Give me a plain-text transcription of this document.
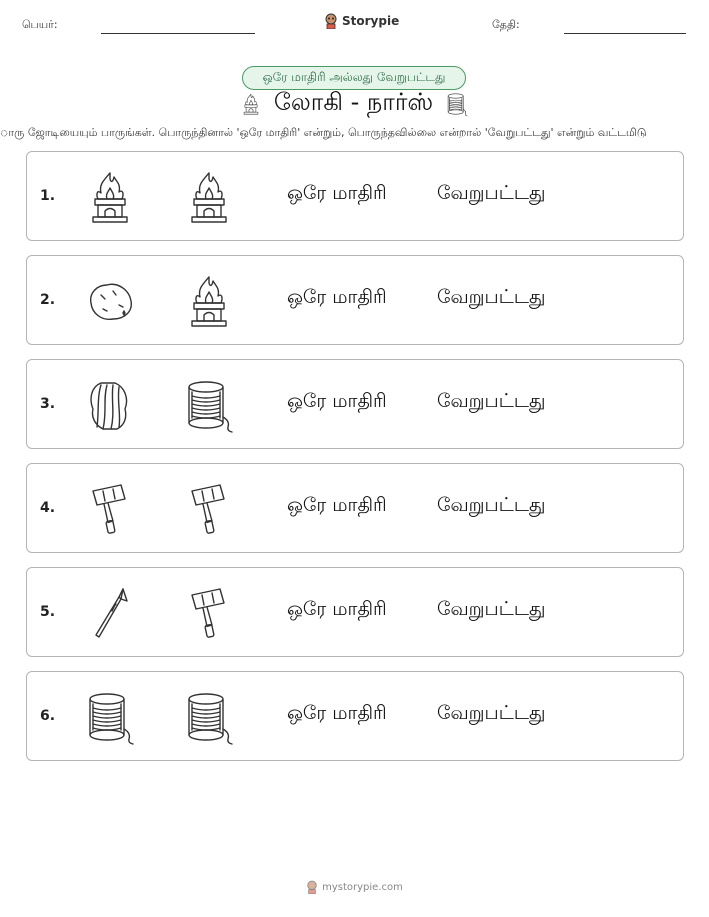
பெயர்:	Storypie	தேதி:
ஒரே மாதிரி அல்லது வேறுபட்டது
லோகி - நார்ஸ்
ாரு ஜோடியையும் பாருங்கள். பொருந்தினால் 'ஒரே மாதிரி' என்றும், பொருந்தவில்லை என்றால் 'வேறுபட்டது' என்றும் வட்டமிடு
1.	ஒரே மாதிரி	வேறுபட்டது
2.	ஒரே மாதிரி	வேறுபட்டது
3.	ஒரே மாதிரி	வேறுபட்டது
4.	ஒரே மாதிரி	வேறுபட்டது
5.	ஒரே மாதிரி	வேறுபட்டது
6.	ஒரே மாதிரி	வேறுபட்டது
mystorypie.com
